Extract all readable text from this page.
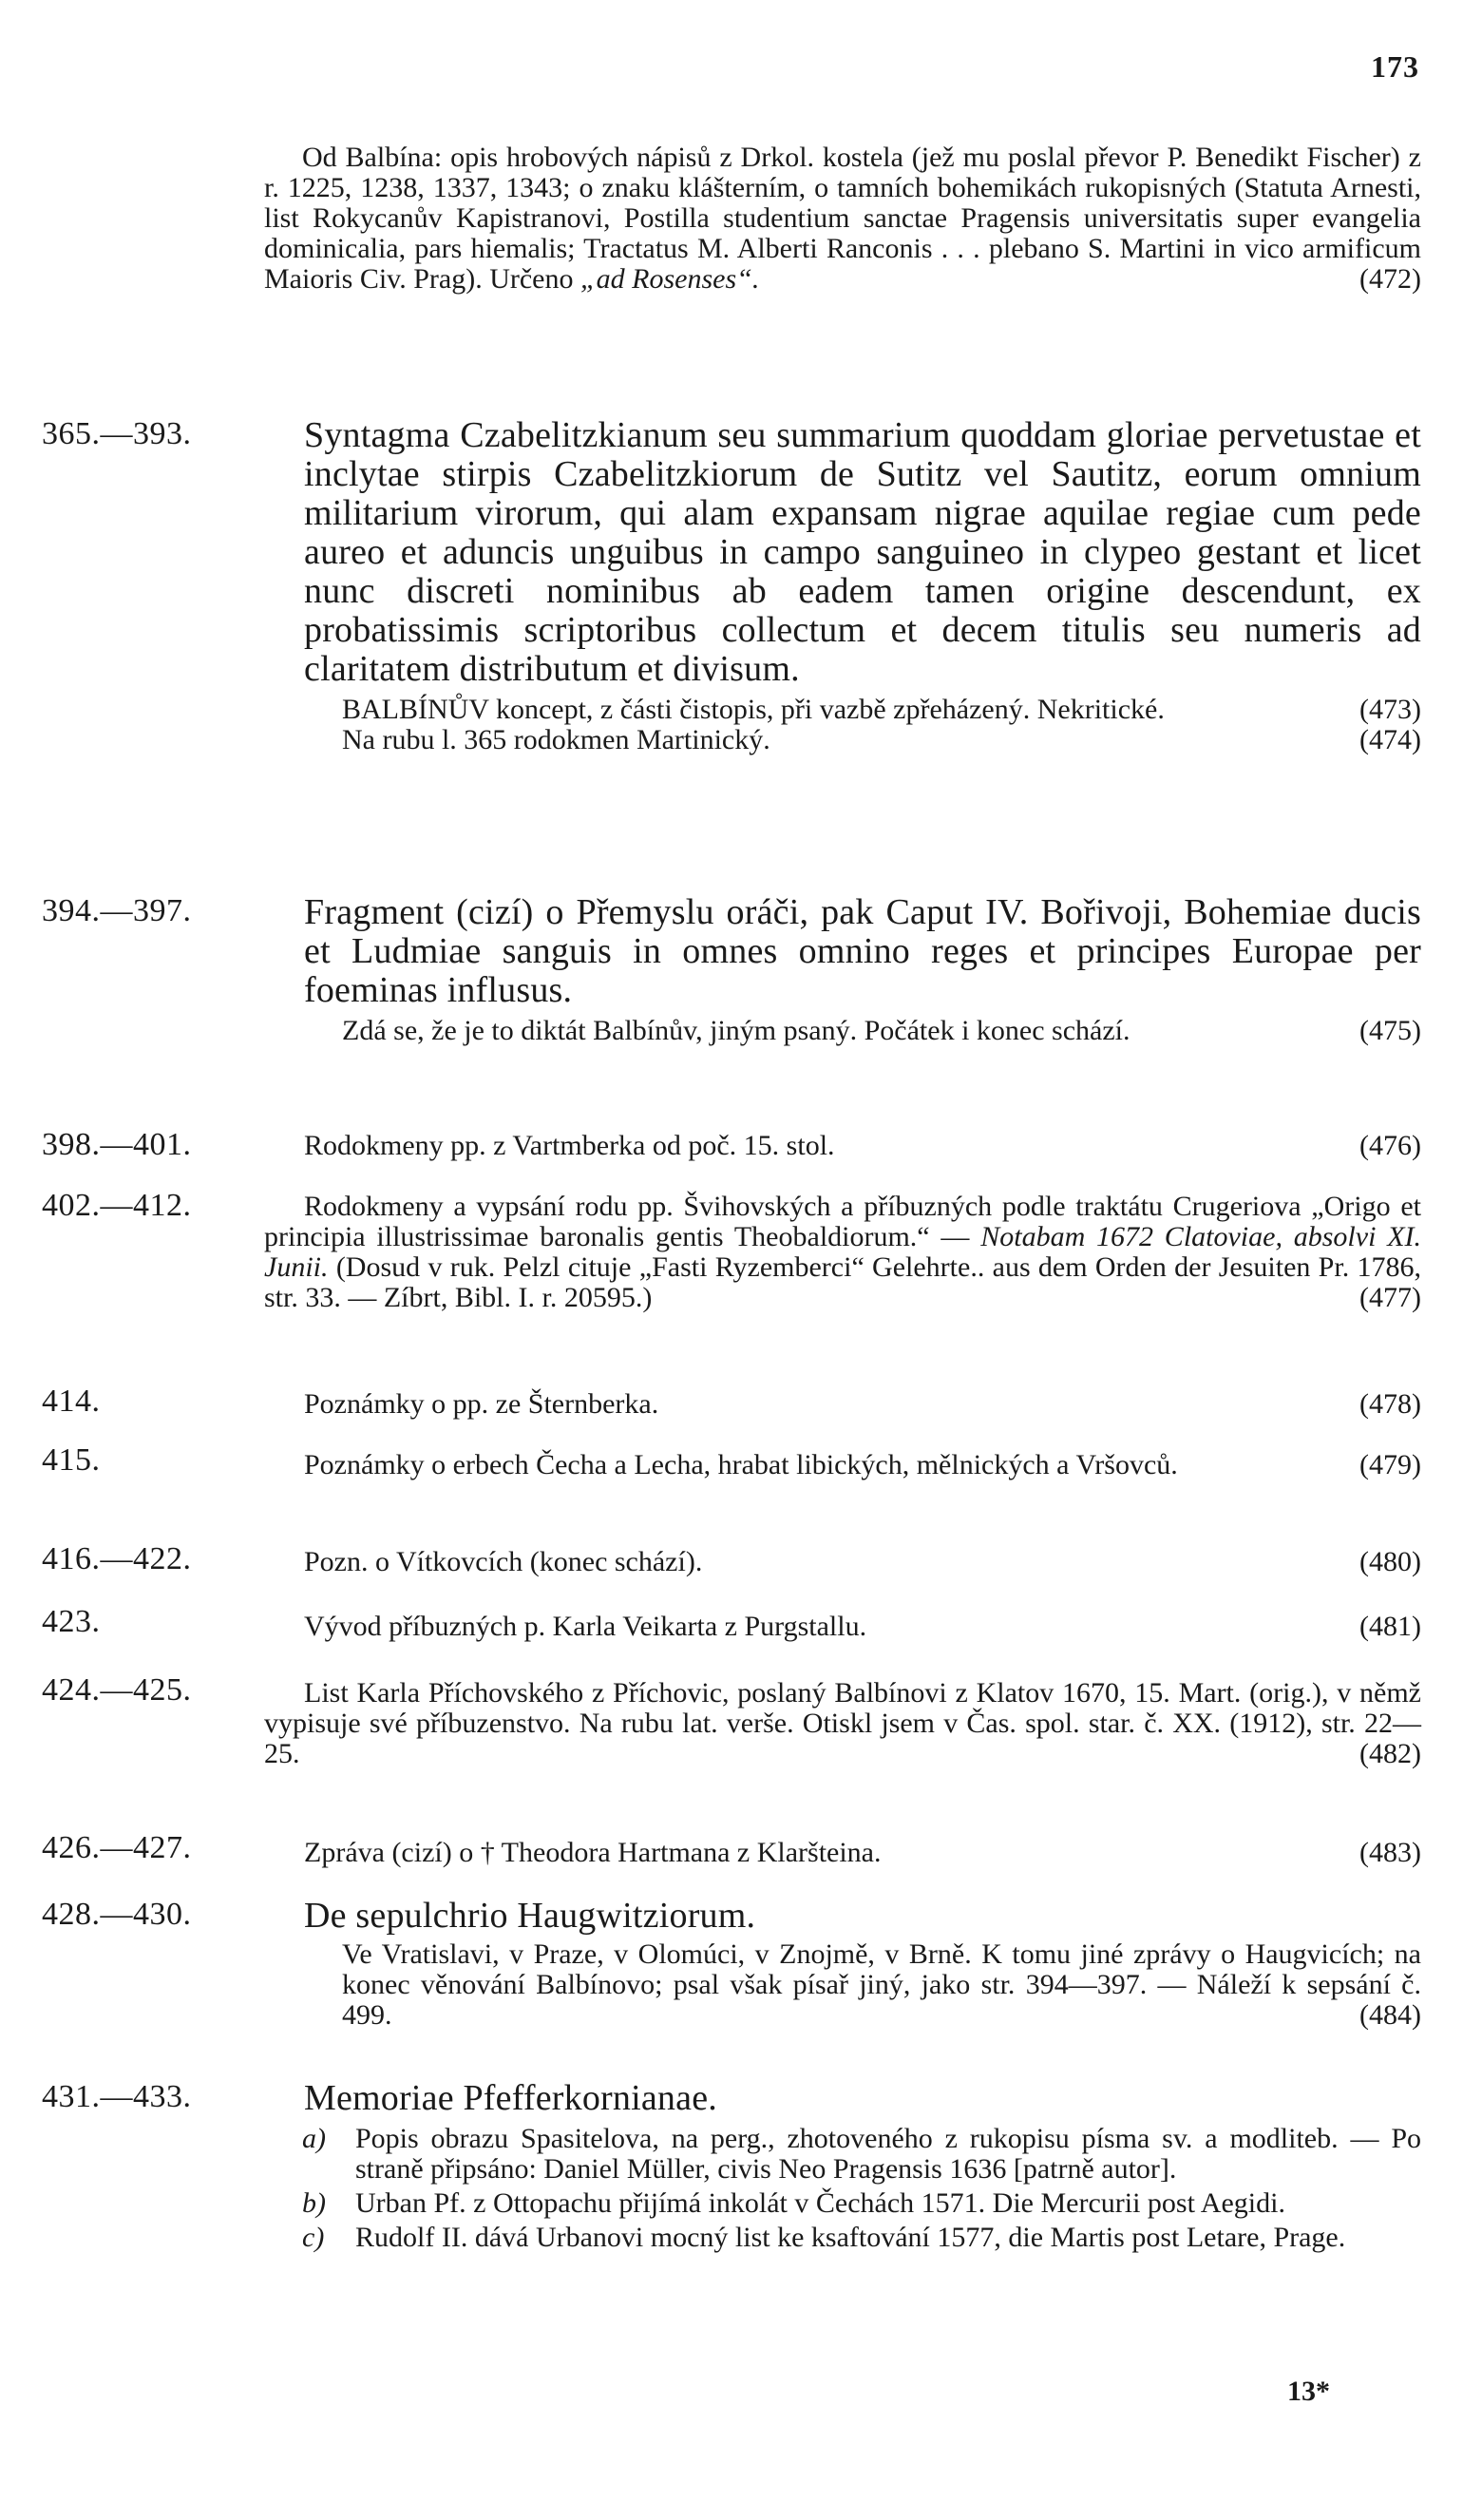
173
Od Balbína: opis hrobových nápisů z Drkol. kostela (jež mu poslal převor P. Benedikt Fischer) z r. 1225, 1238, 1337, 1343; o znaku klášterním, o tamních bohemikách rukopisných (Statuta Arnesti, list Rokycanův Kapistranovi, Postilla studentium sanctae Pragensis universitatis super evangelia dominicalia, pars hiemalis; Tractatus M. Alberti Ranconis . . . plebano S. Martini in vico armificum Maioris Civ. Prag). Určeno „ad Rosenses“.	(472)
365.—393.	Syntagma Czabelitzkianum seu summarium quoddam gloriae pervetustae et inclytae stirpis Czabelitzkiorum de Sutitz vel Sautitz, eorum omnium militarium virorum, qui alam expansam nigrae aquilae regiae cum pede aureo et aduncis unguibus in campo sanguineo in clypeo gestant et licet nunc discreti nominibus ab eadem tamen origine descendunt, ex probatissimis scriptoribus collectum et decem titulis seu numeris ad claritatem distributum et divisum.
BALBÍNŮV koncept, z části čistopis, při vazbě zpřeházený. Nekritické.	(473)
Na rubu l. 365 rodokmen Martinický.	(474)
394.—397.	Fragment (cizí) o Přemyslu oráči, pak Caput IV. Bořivoji, Bohemiae ducis et Ludmiae sanguis in omnes omnino reges et principes Europae per foeminas influsus.
Zdá se, že je to diktát Balbínův, jiným psaný. Počátek i konec schází.	(475)
398.—401.	Rodokmeny pp. z Vartmberka od poč. 15. stol.	(476)
402.—412.	Rodokmeny a vypsání rodu pp. Švihovských a příbuzných podle traktátu Crugeriova „Origo et principia illustrissimae baronalis gentis Theobaldiorum.“ — Notabam 1672 Clatoviae, absolvi XI. Junii. (Dosud v ruk. Pelzl cituje „Fasti Ryzemberci“ Gelehrte.. aus dem Orden der Jesuiten Pr. 1786, str. 33. — Zíbrt, Bibl. I. r. 20595.)	(477)
414.	Poznámky o pp. ze Šternberka.	(478)
415.	Poznámky o erbech Čecha a Lecha, hrabat libických, mělnických a Vršovců.	(479)
416.—422.	Pozn. o Vítkovcích (konec schází).	(480)
423.	Vývod příbuzných p. Karla Veikarta z Purgstallu.	(481)
424.—425.	List Karla Příchovského z Příchovic, poslaný Balbínovi z Klatov 1670, 15. Mart. (orig.), v němž vypisuje své příbuzenstvo. Na rubu lat. verše. Otiskl jsem v Čas. spol. star. č. XX. (1912), str. 22—25.	(482)
426.—427.	Zpráva (cizí) o † Theodora Hartmana z Klaršteina.	(483)
428.—430.	De sepulchrio Haugwitziorum.
Ve Vratislavi, v Praze, v Olomúci, v Znojmě, v Brně. K tomu jiné zprávy o Haugvicích; na konec věnování Balbínovo; psal však písař jiný, jako str. 394—397. — Náleží k sepsání č. 499.	(484)
431.—433.	Memoriae Pfefferkornianae.
a) Popis obrazu Spasitelova, na perg., zhotoveného z rukopisu písma sv. a modliteb. — Po straně připsáno: Daniel Müller, civis Neo Pragensis 1636 [patrně autor].
b) Urban Pf. z Ottopachu přijímá inkolát v Čechách 1571. Die Mercurii post Aegidi.
c) Rudolf II. dává Urbanovi mocný list ke ksaftování 1577, die Martis post Letare, Prage.
13*
